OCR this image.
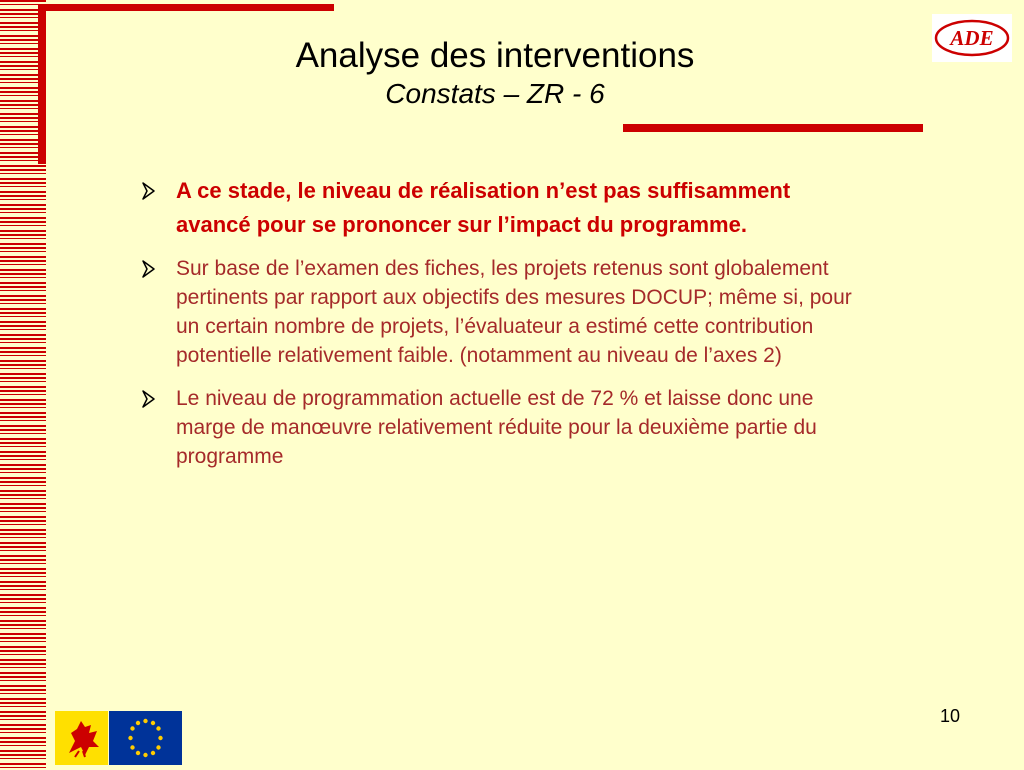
Analyse des interventions
Constats – ZR - 6
ADE
A ce stade, le niveau de réalisation n’est pas suffisamment avancé pour se prononcer sur l’impact du programme.
Sur base de l’examen des fiches, les projets retenus sont globalement pertinents par rapport aux objectifs des mesures DOCUP; même si, pour un certain nombre de projets, l’évaluateur a estimé cette contribution potentielle relativement faible. (notamment au niveau de l’axes 2)
Le niveau de programmation actuelle est de 72 % et laisse donc une marge de manœuvre relativement réduite pour la deuxième partie du programme
10
